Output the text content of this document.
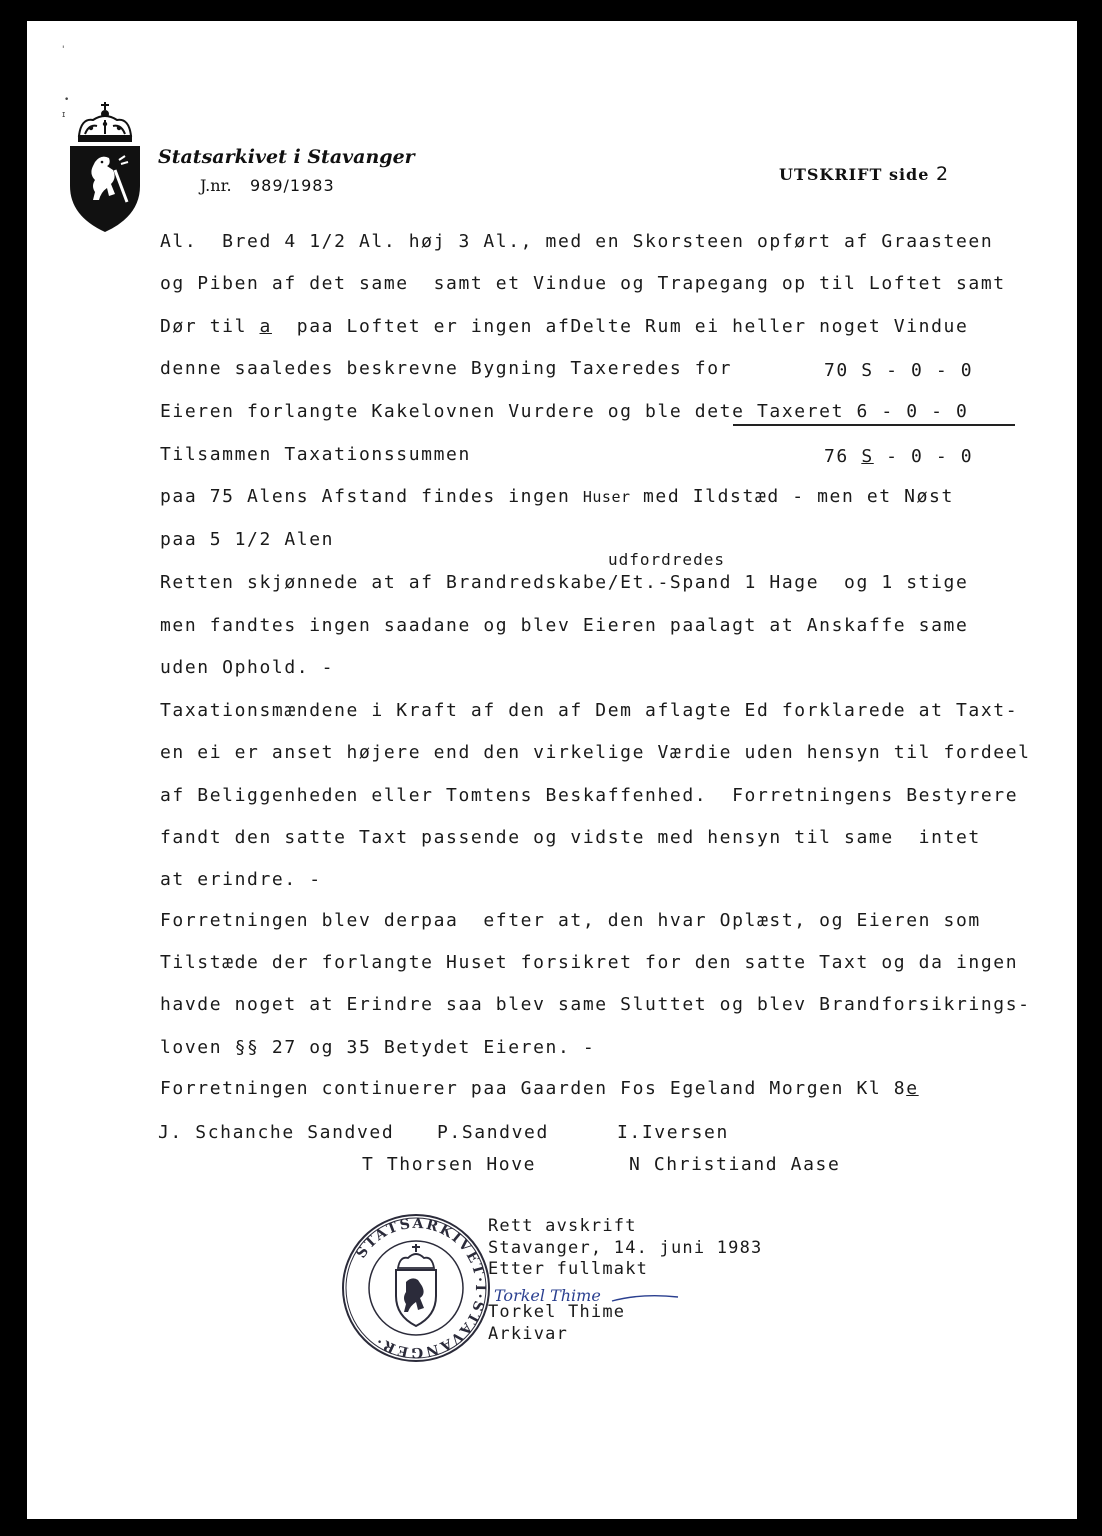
'
•
ɪ
Statsarkivet i Stavanger
J.nr. 989/1983
UTSKRIFT side 2
Al.  Bred 4 1/2 Al. høj 3 Al., med en Skorsteen opført af Graasteen
og Piben af det same  samt et Vindue og Trapegang op til Loftet samt
Dør til a  paa Loftet er ingen afDelte Rum ei heller noget Vindue
denne saaledes beskrevne Bygning Taxeredes for	70 S - 0 - 0
Eieren forlangte Kakelovnen Vurdere og ble dete Taxeret 6 - 0 - 0
Tilsammen Taxationssummen	76 S - 0 - 0
paa 75 Alens Afstand findes ingen Huser med Ildstæd - men et Nøst
paa 5 1/2 Alen
udfordredes
Retten skjønnede at af Brandredskabe/Et.-Spand 1 Hage  og 1 stige
men fandtes ingen saadane og blev Eieren paalagt at Anskaffe same
uden Ophold. -
Taxationsmændene i Kraft af den af Dem aflagte Ed forklarede at Taxt-
en ei er anset højere end den virkelige Værdie uden hensyn til fordeel
af Beliggenheden eller Tomtens Beskaffenhed.  Forretningens Bestyrere
fandt den satte Taxt passende og vidste med hensyn til same  intet
at erindre. -
Forretningen blev derpaa  efter at, den hvar Oplæst, og Eieren som
Tilstæde der forlangte Huset forsikret for den satte Taxt og da ingen
havde noget at Erindre saa blev same Sluttet og blev Brandforsikrings-
loven §§ 27 og 35 Betydet Eieren. -
Forretningen continuerer paa Gaarden Fos Egeland Morgen Kl 8e
J. Schanche Sandved P.Sandved	I.Iversen
T Thorsen Hove	N Christiand Aase
STATSARKIVET·I·STAVANGER·
Rett avskrift
Stavanger, 14. juni 1983
Etter fullmakt
Torkel Thime
Torkel Thime
Arkivar
